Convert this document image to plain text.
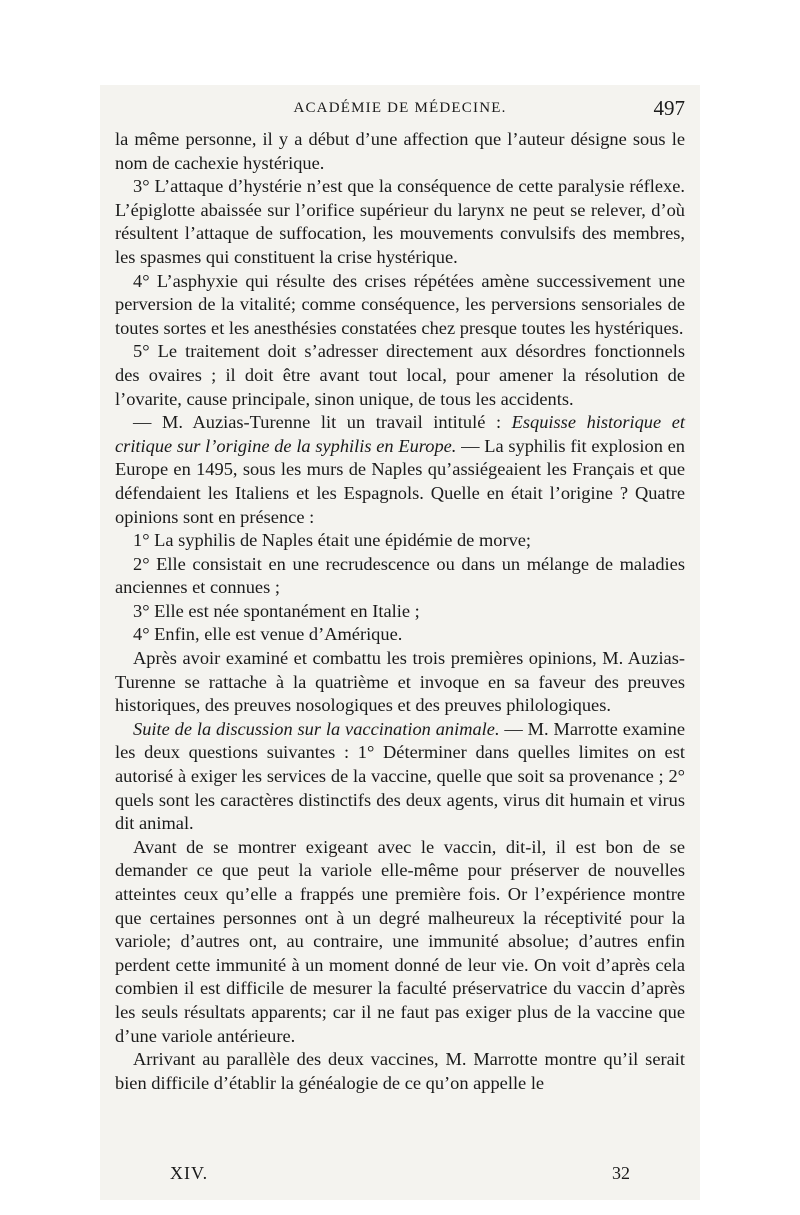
ACADÉMIE DE MÉDECINE.	497

la même personne, il y a début d’une affection que l’auteur désigne sous le nom de cachexie hystérique.

3° L’attaque d’hystérie n’est que la conséquence de cette paralysie réflexe. L’épiglotte abaissée sur l’orifice supérieur du larynx ne peut se relever, d’où résultent l’attaque de suffocation, les mouvements convulsifs des membres, les spasmes qui constituent la crise hystérique.

4° L’asphyxie qui résulte des crises répétées amène successivement une perversion de la vitalité; comme conséquence, les perversions sensoriales de toutes sortes et les anesthésies constatées chez presque toutes les hystériques.

5° Le traitement doit s’adresser directement aux désordres fonctionnels des ovaires ; il doit être avant tout local, pour amener la résolution de l’ovarite, cause principale, sinon unique, de tous les accidents.

— M. Auzias-Turenne lit un travail intitulé : Esquisse historique et critique sur l’origine de la syphilis en Europe. — La syphilis fit explosion en Europe en 1495, sous les murs de Naples qu’assiégeaient les Français et que défendaient les Italiens et les Espagnols. Quelle en était l’origine ? Quatre opinions sont en présence :

1° La syphilis de Naples était une épidémie de morve;

2° Elle consistait en une recrudescence ou dans un mélange de maladies anciennes et connues ;

3° Elle est née spontanément en Italie ;

4° Enfin, elle est venue d’Amérique.

Après avoir examiné et combattu les trois premières opinions, M. Auzias-Turenne se rattache à la quatrième et invoque en sa faveur des preuves historiques, des preuves nosologiques et des preuves philologiques.

Suite de la discussion sur la vaccination animale. — M. Marrotte examine les deux questions suivantes : 1° Déterminer dans quelles limites on est autorisé à exiger les services de la vaccine, quelle que soit sa provenance ; 2° quels sont les caractères distinctifs des deux agents, virus dit humain et virus dit animal.

Avant de se montrer exigeant avec le vaccin, dit-il, il est bon de se demander ce que peut la variole elle-même pour préserver de nouvelles atteintes ceux qu’elle a frappés une première fois. Or l’expérience montre que certaines personnes ont à un degré malheureux la réceptivité pour la variole; d’autres ont, au contraire, une immunité absolue; d’autres enfin perdent cette immunité à un moment donné de leur vie. On voit d’après cela combien il est difficile de mesurer la faculté préservatrice du vaccin d’après les seuls résultats apparents; car il ne faut pas exiger plus de la vaccine que d’une variole antérieure.

Arrivant au parallèle des deux vaccines, M. Marrotte montre qu’il serait bien difficile d’établir la généalogie de ce qu’on appelle le

XIV.	32
